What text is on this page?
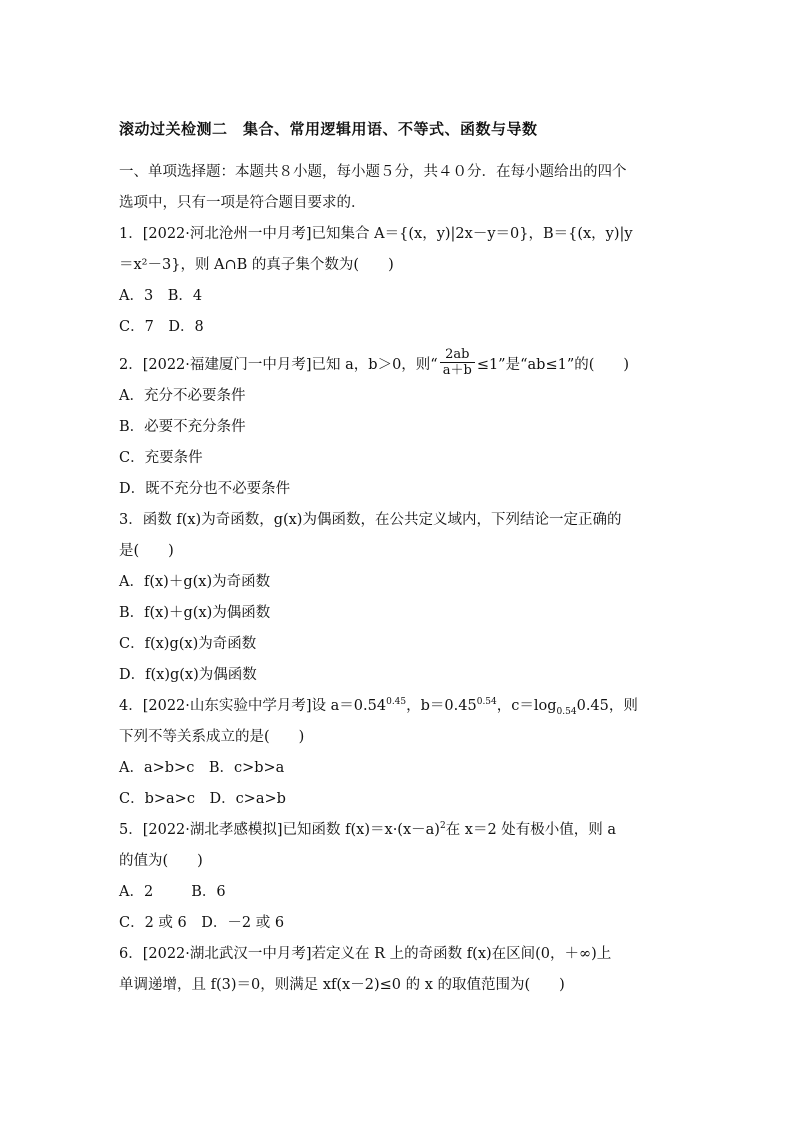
滚动过关检测二　集合、常用逻辑用语、不等式、函数与导数
一、单项选择题：本题共８小题，每小题５分，共４０分．在每小题给出的四个
选项中，只有一项是符合题目要求的．
1．[2022·河北沧州一中月考]已知集合 A＝{(x，y)|2x－y＝0}，B＝{(x，y)|y
＝x²－3}，则 A∩B 的真子集个数为(　　)
A．3　B．4
C．7　D．8
2．[2022·福建厦门一中月考]已知 a，b＞0，则“ $\frac{2ab}{a+b} \le 1$”是“ab≤1”的(　　)
A．充分不必要条件
B．必要不充分条件
C．充要条件
D．既不充分也不必要条件
3．函数 f(x)为奇函数，g(x)为偶函数，在公共定义域内，下列结论一定正确的
是(　　)
A．f(x)＋g(x)为奇函数
B．f(x)＋g(x)为偶函数
C．f(x)g(x)为奇函数
D．f(x)g(x)为偶函数
4．[2022·山东实验中学月考]设 $a=0.54^{0.45}$，$b=0.45^{0.54}$，$c=\log_{0.54}0.45$，则
下列不等关系成立的是(　　)
A．a>b>c　B．c>b>a
C．b>a>c　D．c>a>b
5．[2022·湖北孝感模拟]已知函数 $f(x)=x\cdot(x-a)^2$在 x＝2 处有极小值，则 a
的值为(　　)
A．2	B．6
C．2 或 6　D．－2 或 6
6．[2022·湖北武汉一中月考]若定义在 R 上的奇函数 f(x)在区间(0，＋∞)上
单调递增，且 f(3)＝0，则满足 xf(x－2)≤0 的 x 的取值范围为(　　)
